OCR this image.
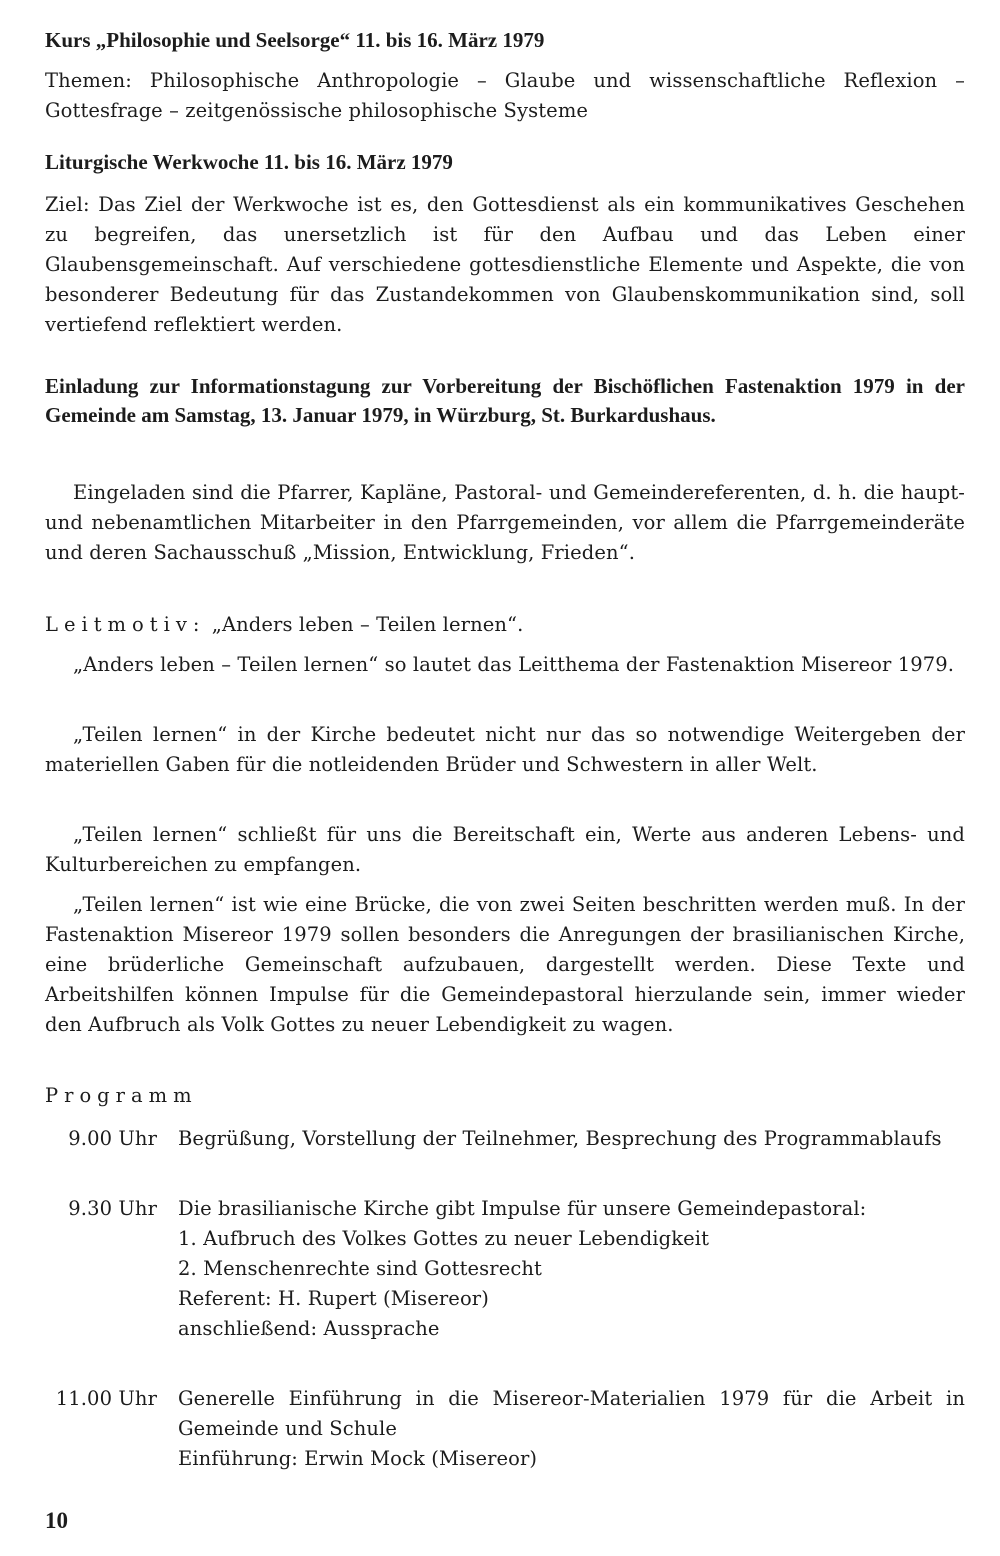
Kurs „Philosophie und Seelsorge“ 11. bis 16. März 1979
Themen: Philosophische Anthropologie – Glaube und wissenschaftliche Reflexion – Gottesfrage – zeitgenössische philosophische Systeme
Liturgische Werkwoche 11. bis 16. März 1979
Ziel: Das Ziel der Werkwoche ist es, den Gottesdienst als ein kommunikatives Geschehen zu begreifen, das unersetzlich ist für den Aufbau und das Leben einer Glaubensgemeinschaft. Auf verschiedene gottesdienstliche Elemente und Aspekte, die von besonderer Bedeutung für das Zustandekommen von Glaubenskommunikation sind, soll vertiefend reflektiert werden.
Einladung zur Informationstagung zur Vorbereitung der Bischöflichen Fastenaktion 1979 in der Gemeinde am Samstag, 13. Januar 1979, in Würzburg, St. Burkardushaus.
Eingeladen sind die Pfarrer, Kapläne, Pastoral- und Gemeindereferenten, d. h. die haupt- und nebenamtlichen Mitarbeiter in den Pfarrgemeinden, vor allem die Pfarrgemeinderäte und deren Sachausschuß „Mission, Entwicklung, Frieden“.
Leitmotiv: „Anders leben – Teilen lernen“.
„Anders leben – Teilen lernen“ so lautet das Leitthema der Fastenaktion Misereor 1979.
„Teilen lernen“ in der Kirche bedeutet nicht nur das so notwendige Weitergeben der materiellen Gaben für die notleidenden Brüder und Schwestern in aller Welt.
„Teilen lernen“ schließt für uns die Bereitschaft ein, Werte aus anderen Lebens- und Kulturbereichen zu empfangen.
„Teilen lernen“ ist wie eine Brücke, die von zwei Seiten beschritten werden muß. In der Fastenaktion Misereor 1979 sollen besonders die Anregungen der brasilianischen Kirche, eine brüderliche Gemeinschaft aufzubauen, dargestellt werden. Diese Texte und Arbeitshilfen können Impulse für die Gemeindepastoral hierzulande sein, immer wieder den Aufbruch als Volk Gottes zu neuer Lebendigkeit zu wagen.
Programm
9.00 Uhr Begrüßung, Vorstellung der Teilnehmer, Besprechung des Programmablaufs
9.30 Uhr Die brasilianische Kirche gibt Impulse für unsere Gemeindepastoral:
1. Aufbruch des Volkes Gottes zu neuer Lebendigkeit
2. Menschenrechte sind Gottesrecht
Referent: H. Rupert (Misereor)
anschließend: Aussprache
11.00 Uhr Generelle Einführung in die Misereor-Materialien 1979 für die Arbeit in Gemeinde und Schule
Einführung: Erwin Mock (Misereor)
10
